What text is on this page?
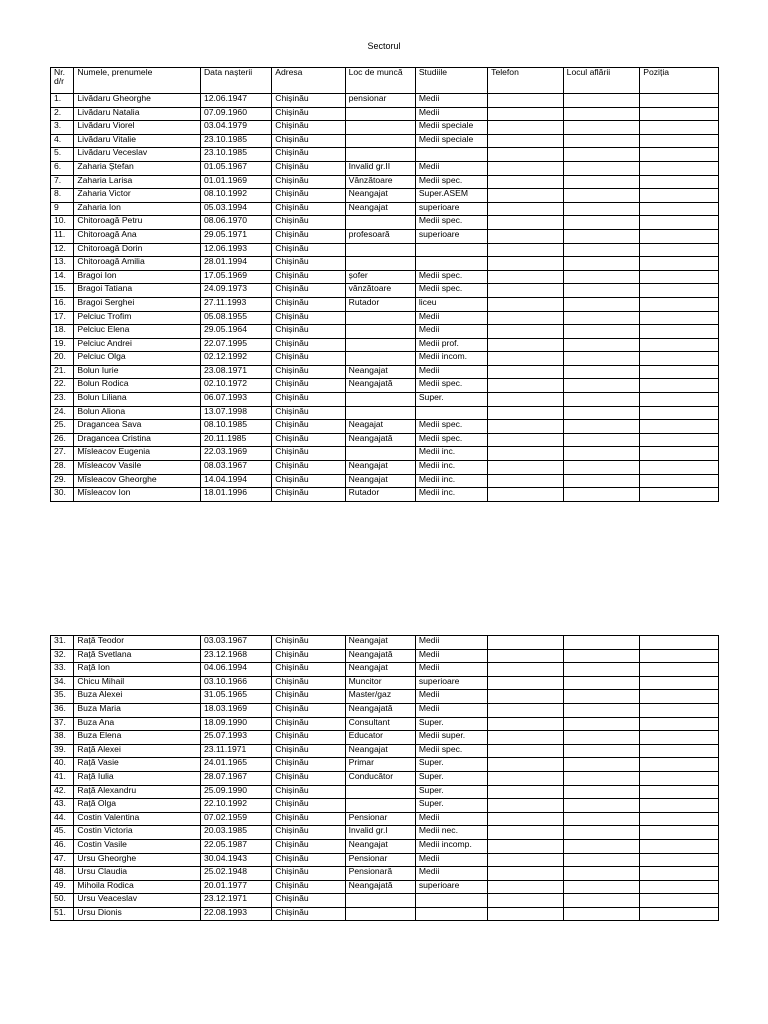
Sectorul
Nr.
d/r	Numele, prenumele	Data nașterii	Adresa	Loc de muncă	Studiile	Telefon	Locul aflării	Poziția
1.	Livădaru Gheorghe	12.06.1947	Chișinău	pensionar	Medii			
2.	Livădaru Natalia	07.09.1960	Chișinău		Medii			
3.	Livădaru Viorel	03.04.1979	Chișinău		Medii speciale			
4.	Livădaru Vitalie	23.10.1985	Chișinău		Medii speciale			
5.	Livădaru Veceslav	23.10.1985	Chișinău					
6.	Zaharia Ștefan	01.05.1967	Chișinău	Invalid gr.II	Medii			
7.	Zaharia Larisa	01.01.1969	Chișinău	Vânzătoare	Medii spec.			
8.	Zaharia Victor	08.10.1992	Chișinău	Neangajat	Super.ASEM			
9	Zaharia Ion	05.03.1994	Chișinău	Neangajat	superioare			
10.	Chitoroagă Petru	08.06.1970	Chișinău		Medii spec.			
11.	Chitoroagă Ana	29.05.1971	Chișinău	profesoară	superioare			
12.	Chitoroagă Dorin	12.06.1993	Chișinău					
13.	Chitoroagă Amilia	28.01.1994	Chișinău					
14.	Bragoi Ion	17.05.1969	Chișinău	șofer	Medii spec.			
15.	Bragoi Tatiana	24.09.1973	Chișinău	vânzătoare	Medii spec.			
16.	Bragoi Serghei	27.11.1993	Chișinău	Rutador	liceu			
17.	Pelciuc Trofim	05.08.1955	Chișinău		Medii			
18.	Pelciuc Elena	29.05.1964	Chișinău		Medii			
19.	Pelciuc Andrei	22.07.1995	Chișinău		Medii prof.			
20.	Pelciuc Olga	02.12.1992	Chișinău		Medii incom.			
21.	Bolun Iurie	23.08.1971	Chișinău	Neangajat	Medii			
22.	Bolun Rodica	02.10.1972	Chișinău	Neangajată	Medii spec.			
23.	Bolun Liliana	06.07.1993	Chișinău		Super.			
24.	Bolun Aliona	13.07.1998	Chișinău					
25.	Dragancea Sava	08.10.1985	Chișinău	Neagajat	Medii spec.			
26.	Dragancea Cristina	20.11.1985	Chișinău	Neangajată	Medii spec.			
27.	Mîsleacov Eugenia	22.03.1969	Chișinău		Medii inc.			
28.	Mîsleacov Vasile	08.03.1967	Chișinău	Neangajat	Medii inc.			
29.	Mîsleacov Gheorghe	14.04.1994	Chișinău	Neangajat	Medii inc.			
30.	Mîsleacov Ion	18.01.1996	Chișinău	Rutador	Medii inc.			
31.	Rață Teodor	03.03.1967	Chișinău	Neangajat	Medii			
32.	Rață Svetlana	23.12.1968	Chișinău	Neangajată	Medii			
33.	Rață Ion	04.06.1994	Chișinău	Neangajat	Medii			
34.	Chicu Mihail	03.10.1966	Chișinău	Muncitor	superioare			
35.	Buza Alexei	31.05.1965	Chișinău	Master/gaz	Medii			
36.	Buza Maria	18.03.1969	Chișinău	Neangajată	Medii			
37.	Buza Ana	18.09.1990	Chișinău	Consultant	Super.			
38.	Buza Elena	25.07.1993	Chișinău	Educator	Medii super.			
39.	Rață Alexei	23.11.1971	Chișinău	Neangajat	Medii spec.			
40.	Rață Vasie	24.01.1965	Chișinău	Primar	Super.			
41.	Rață Iulia	28.07.1967	Chișinău	Conducător	Super.			
42.	Rață Alexandru	25.09.1990	Chișinău		Super.			
43.	Rață Olga	22.10.1992	Chișinău		Super.			
44.	Costin Valentina	07.02.1959	Chișinău	Pensionar	Medii			
45.	Costin Victoria	20.03.1985	Chișinău	Invalid gr.I	Medii nec.			
46.	Costin Vasile	22.05.1987	Chișinău	Neangajat	Medii incomp.			
47.	Ursu Gheorghe	30.04.1943	Chișinău	Pensionar	Medii			
48.	Ursu Claudia	25.02.1948	Chișinău	Pensionară	Medii			
49.	Mihoila Rodica	20.01.1977	Chișinău	Neangajată	superioare			
50.	Ursu Veaceslav	23.12.1971	Chișinău					
51.	Ursu Dionis	22.08.1993	Chișinău					
